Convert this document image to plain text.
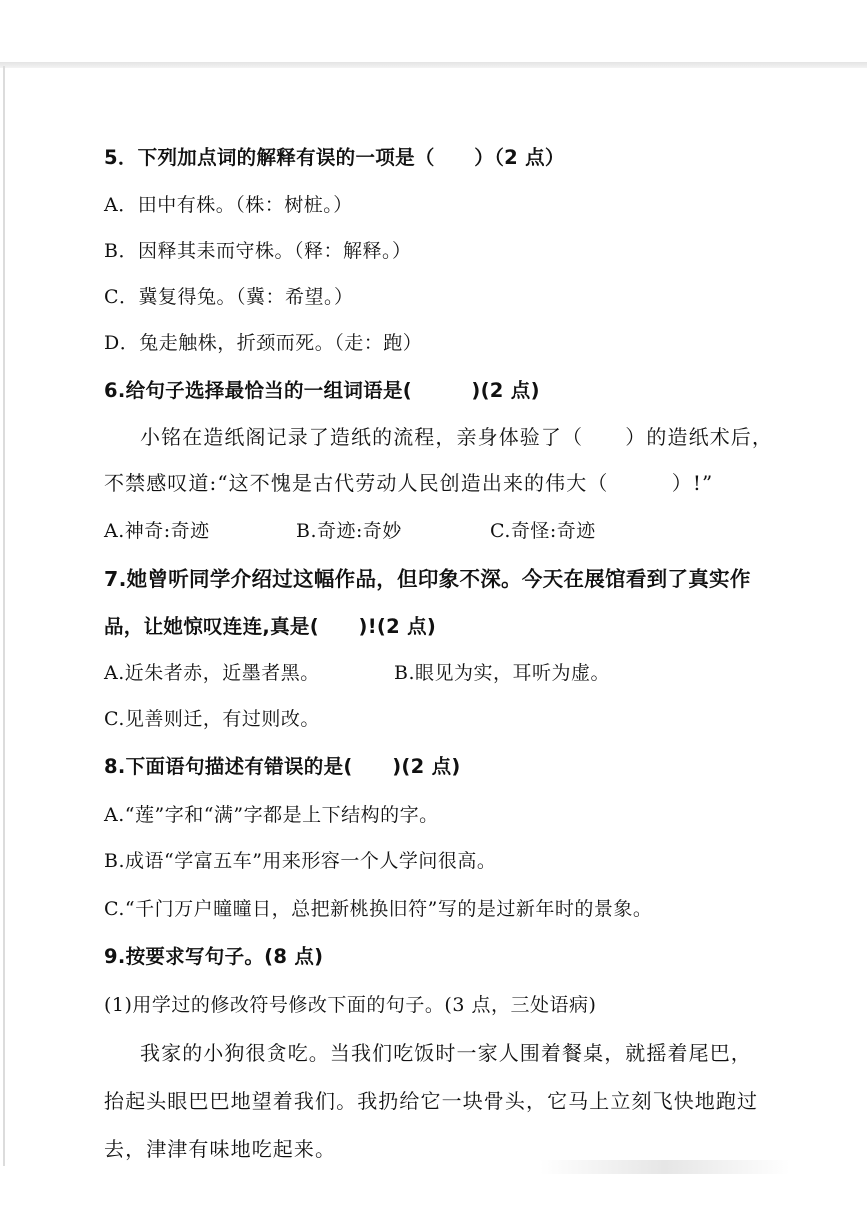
5．下列加点词的解释有误的一项是（　　）（2 点）
A．田中有株。（株：树桩。）
B．因释其耒而守株。（释：解释。）
C．冀复得兔。（冀：希望。）
D．兔走触株，折颈而死。（走：跑）
6.给句子选择最恰当的一组词语是(　　　)(2 点)
小铭在造纸阁记录了造纸的流程，亲身体验了（　　）的造纸术后，
不禁感叹道:“这不愧是古代劳动人民创造出来的伟大（　　　）!”
A.神奇:奇迹	B.奇迹:奇妙	C.奇怪:奇迹
7.她曾听同学介绍过这幅作品，但印象不深。今天在展馆看到了真实作
品，让她惊叹连连,真是(　　)!(2 点)
A.近朱者赤，近墨者黑。	B.眼见为实，耳听为虚。
C.见善则迁，有过则改。
8.下面语句描述有错误的是(　　)(2 点)
A.“莲”字和“满”字都是上下结构的字。
B.成语“学富五车”用来形容一个人学问很高。
C.“千门万户曈曈日，总把新桃换旧符”写的是过新年时的景象。
9.按要求写句子。(8 点)
(1)用学过的修改符号修改下面的句子。(3 点，三处语病)
我家的小狗很贪吃。当我们吃饭时一家人围着餐桌，就摇着尾巴，
抬起头眼巴巴地望着我们。我扔给它一块骨头，它马上立刻飞快地跑过
去，津津有味地吃起来。
